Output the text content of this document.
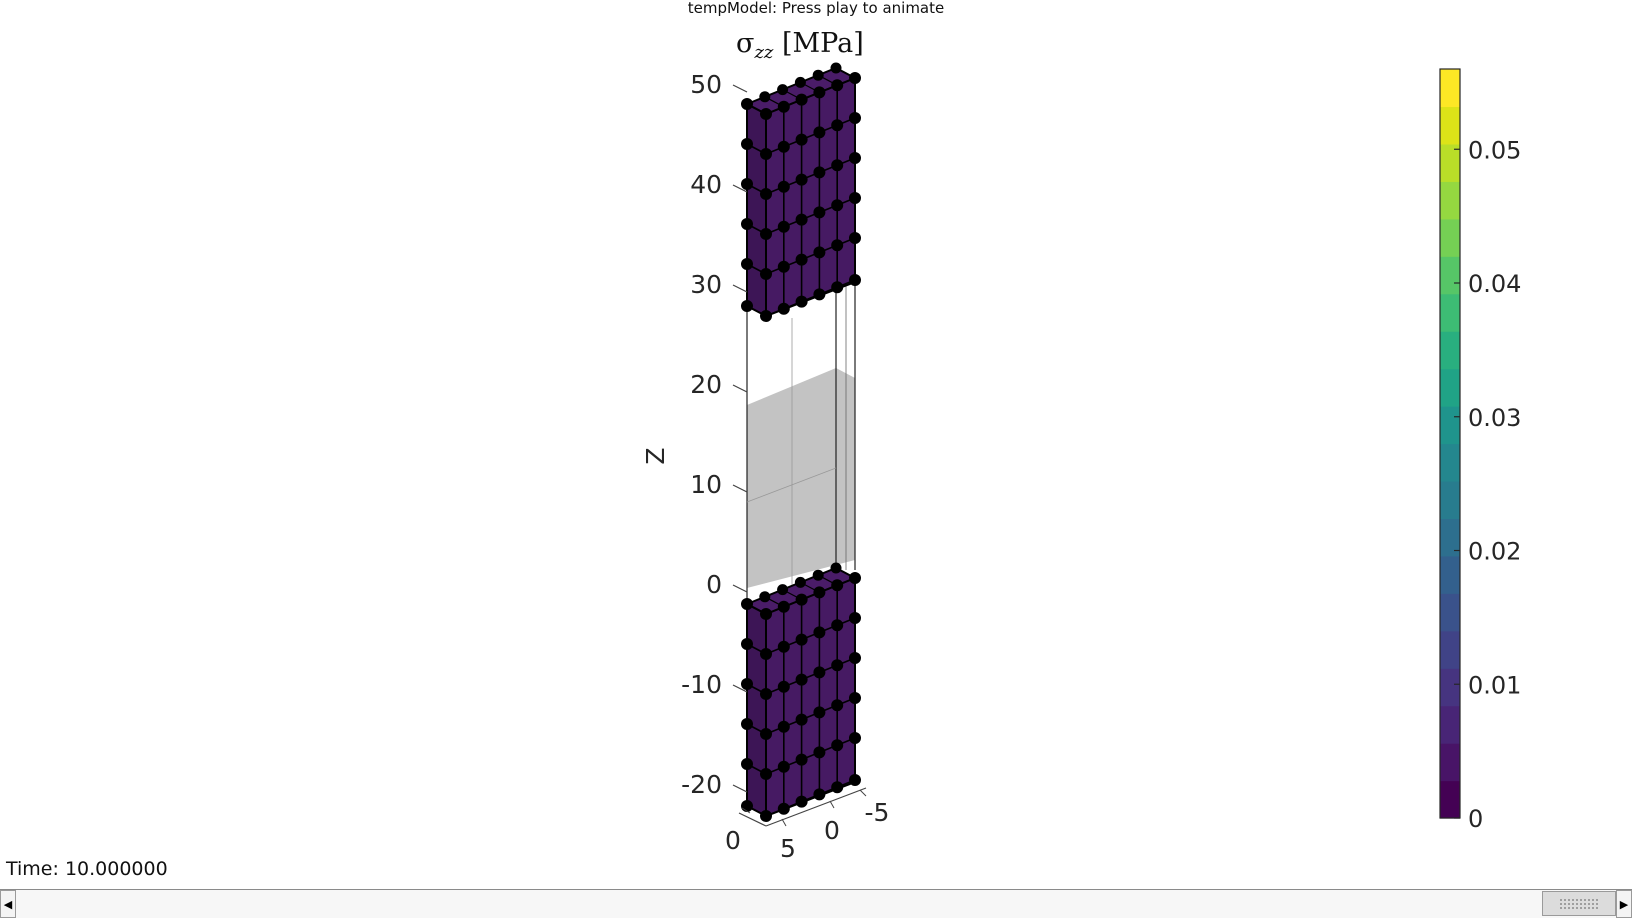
tempModel: Press play to animate
$\sigma_{zz}$ [MPa]
50
40
30
20
10
0
-10
-20
Z
0 5
0
-5
0.05
0.04
0.03
0.02
0.01
0
Time: 10.000000
◀	▶
